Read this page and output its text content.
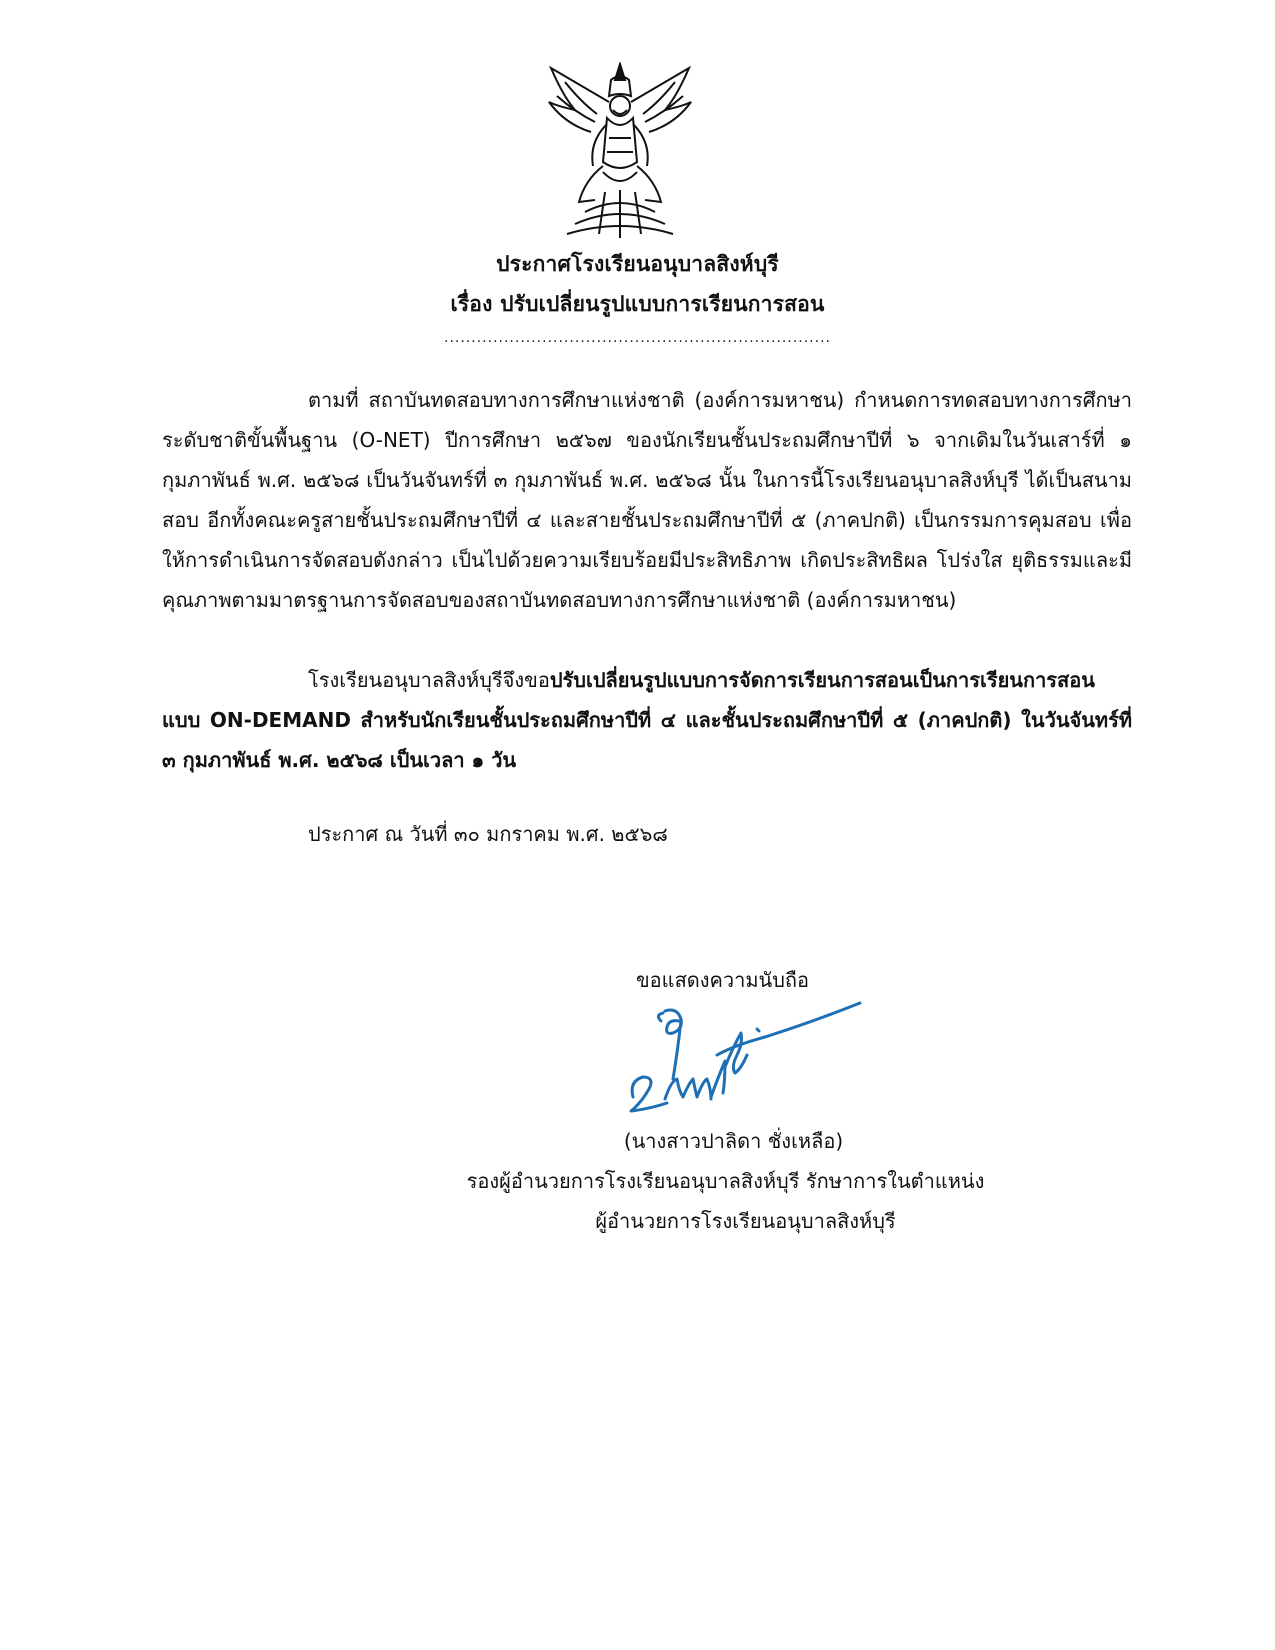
ประกาศโรงเรียนอนุบาลสิงห์บุรี
เรื่อง ปรับเปลี่ยนรูปแบบการเรียนการสอน
.......................................................................
ตามที่ สถาบันทดสอบทางการศึกษาแห่งชาติ (องค์การมหาชน) กำหนดการทดสอบทางการศึกษาระดับชาติขั้นพื้นฐาน (O-NET) ปีการศึกษา ๒๕๖๗ ของนักเรียนชั้นประถมศึกษาปีที่ ๖ จากเดิมในวันเสาร์ที่ ๑ กุมภาพันธ์ พ.ศ. ๒๕๖๘ เป็นวันจันทร์ที่ ๓ กุมภาพันธ์ พ.ศ. ๒๕๖๘ นั้น ในการนี้โรงเรียนอนุบาลสิงห์บุรี ได้เป็นสนามสอบ อีกทั้งคณะครูสายชั้นประถมศึกษาปีที่ ๔ และสายชั้นประถมศึกษาปีที่ ๕ (ภาคปกติ) เป็นกรรมการคุมสอบ เพื่อให้การดำเนินการจัดสอบดังกล่าว เป็นไปด้วยความเรียบร้อยมีประสิทธิภาพ เกิดประสิทธิผล โปร่งใส ยุติธรรมและมีคุณภาพตามมาตรฐานการจัดสอบของสถาบันทดสอบทางการศึกษาแห่งชาติ (องค์การมหาชน)
โรงเรียนอนุบาลสิงห์บุรีจึงขอปรับเปลี่ยนรูปแบบการจัดการเรียนการสอนเป็นการเรียนการสอนแบบ ON-DEMAND สำหรับนักเรียนชั้นประถมศึกษาปีที่ ๔ และชั้นประถมศึกษาปีที่ ๕ (ภาคปกติ) ในวันจันทร์ที่ ๓ กุมภาพันธ์ พ.ศ. ๒๕๖๘ เป็นเวลา ๑ วัน
ประกาศ ณ วันที่ ๓๐ มกราคม พ.ศ. ๒๕๖๘
ขอแสดงความนับถือ
(นางสาวปาลิดา ชั่งเหลือ)
รองผู้อำนวยการโรงเรียนอนุบาลสิงห์บุรี รักษาการในตำแหน่ง
ผู้อำนวยการโรงเรียนอนุบาลสิงห์บุรี
